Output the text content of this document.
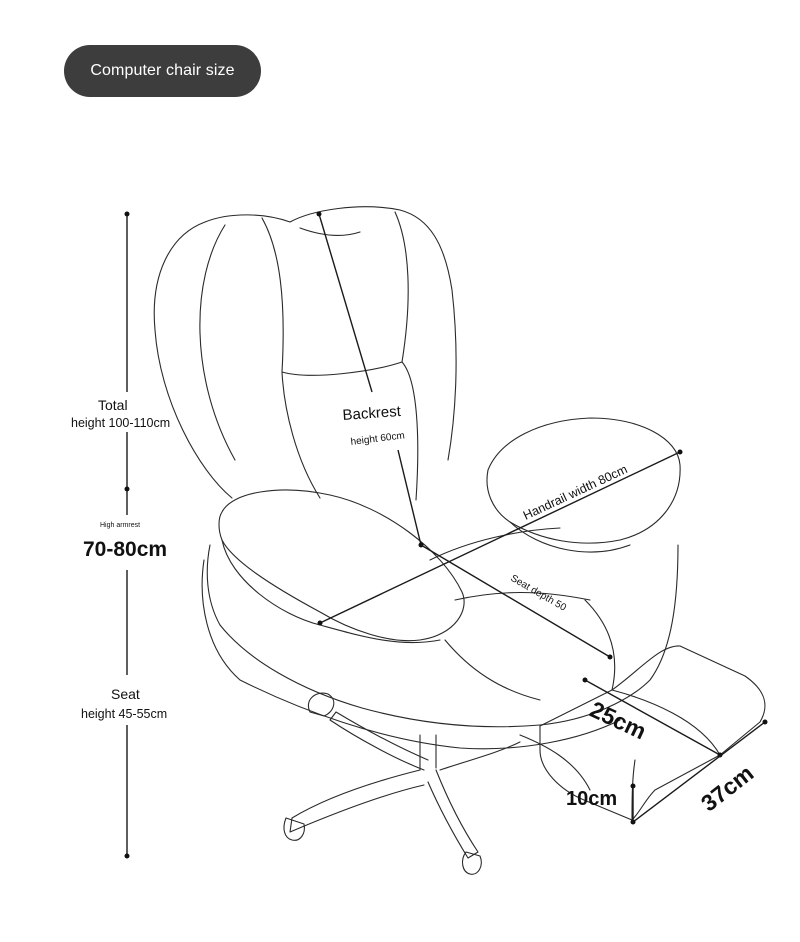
Computer chair size
Total
height 100-110cm
High armrest
70-80cm
Seat
height 45-55cm
Backrest
height 60cm
Handrail width 80cm
Seat depth 50
25cm
37cm
10cm
